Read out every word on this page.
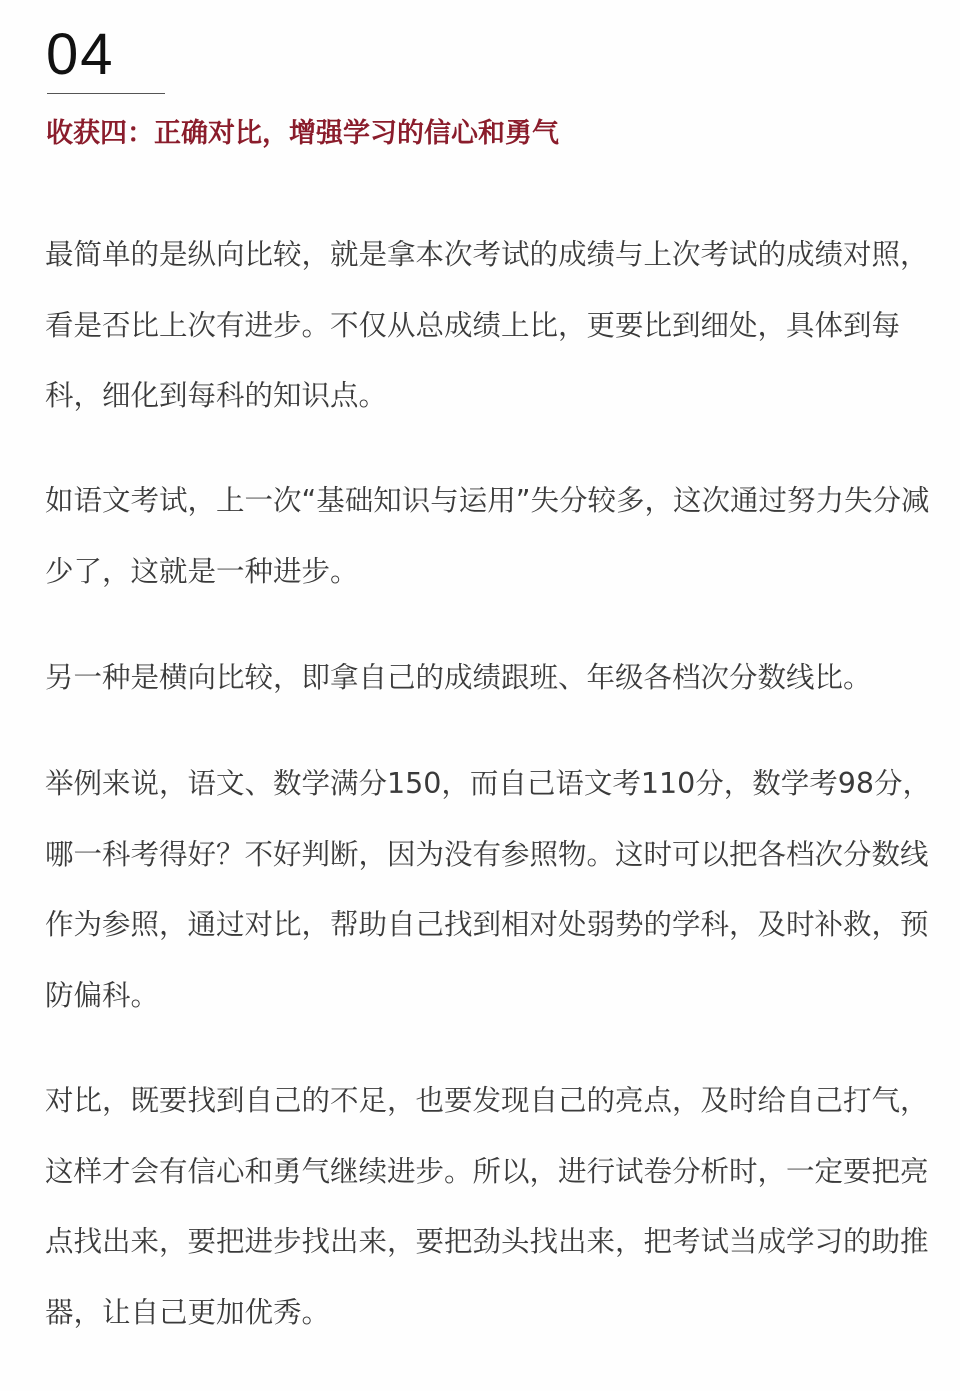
04
收获四：正确对比，增强学习的信心和勇气

最简单的是纵向比较，就是拿本次考试的成绩与上次考试的成绩对照，看是否比上次有进步。不仅从总成绩上比，更要比到细处，具体到每科，细化到每科的知识点。

如语文考试，上一次“基础知识与运用”失分较多，这次通过努力失分减少了，这就是一种进步。

另一种是横向比较，即拿自己的成绩跟班、年级各档次分数线比。

举例来说，语文、数学满分150，而自己语文考110分，数学考98分，哪一科考得好？不好判断，因为没有参照物。这时可以把各档次分数线作为参照，通过对比，帮助自己找到相对处弱势的学科，及时补救，预防偏科。

对比，既要找到自己的不足，也要发现自己的亮点，及时给自己打气，这样才会有信心和勇气继续进步。所以，进行试卷分析时，一定要把亮点找出来，要把进步找出来，要把劲头找出来，把考试当成学习的助推器，让自己更加优秀。
